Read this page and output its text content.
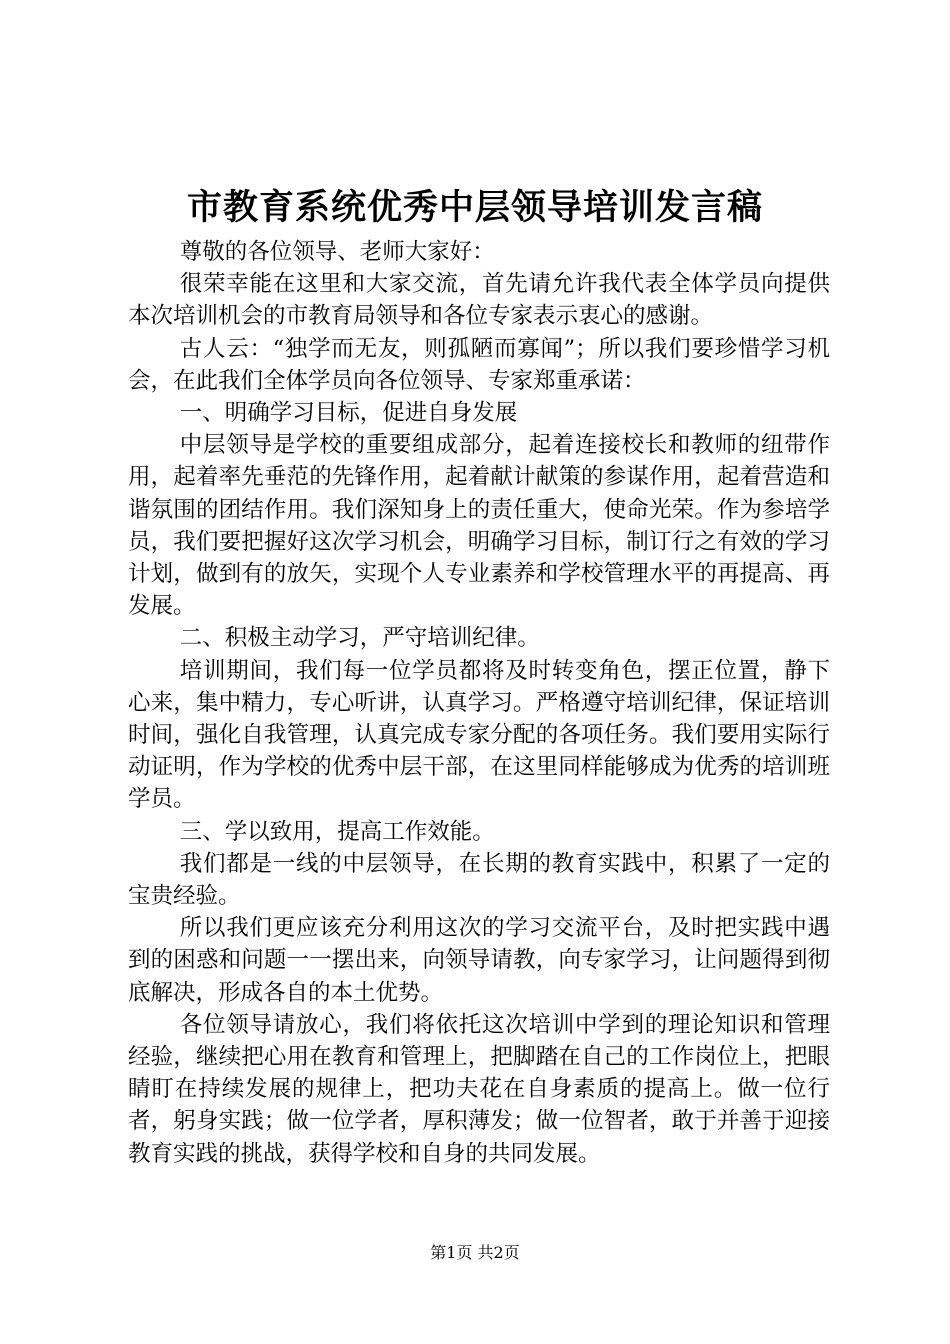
市教育系统优秀中层领导培训发言稿

尊敬的各位领导、老师大家好：

很荣幸能在这里和大家交流，首先请允许我代表全体学员向提供本次培训机会的市教育局领导和各位专家表示衷心的感谢。

古人云：“独学而无友，则孤陋而寡闻”；所以我们要珍惜学习机会，在此我们全体学员向各位领导、专家郑重承诺：

一、明确学习目标，促进自身发展

中层领导是学校的重要组成部分，起着连接校长和教师的纽带作用，起着率先垂范的先锋作用，起着献计献策的参谋作用，起着营造和谐氛围的团结作用。我们深知身上的责任重大，使命光荣。作为参培学员，我们要把握好这次学习机会，明确学习目标，制订行之有效的学习计划，做到有的放矢，实现个人专业素养和学校管理水平的再提高、再发展。

二、积极主动学习，严守培训纪律。

培训期间，我们每一位学员都将及时转变角色，摆正位置，静下心来，集中精力，专心听讲，认真学习。严格遵守培训纪律，保证培训时间，强化自我管理，认真完成专家分配的各项任务。我们要用实际行动证明，作为学校的优秀中层干部，在这里同样能够成为优秀的培训班学员。

三、学以致用，提高工作效能。

我们都是一线的中层领导，在长期的教育实践中，积累了一定的宝贵经验。

所以我们更应该充分利用这次的学习交流平台，及时把实践中遇到的困惑和问题一一摆出来，向领导请教，向专家学习，让问题得到彻底解决，形成各自的本土优势。

各位领导请放心，我们将依托这次培训中学到的理论知识和管理经验，继续把心用在教育和管理上，把脚踏在自己的工作岗位上，把眼睛盯在持续发展的规律上，把功夫花在自身素质的提高上。做一位行者，躬身实践；做一位学者，厚积薄发；做一位智者，敢于并善于迎接教育实践的挑战，获得学校和自身的共同发展。

第1页 共2页
